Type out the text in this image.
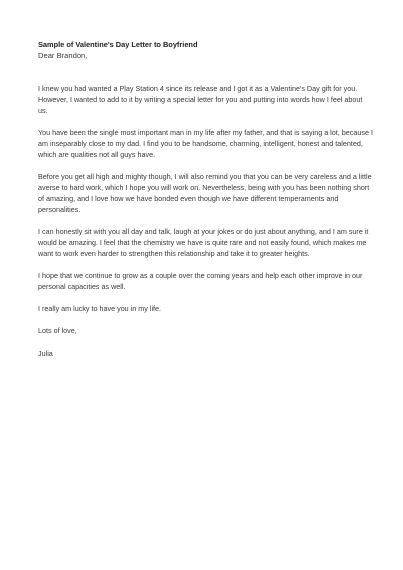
Sample of Valentine's Day Letter to Boyfriend

Dear Brandon,

I knew you had wanted a Play Station 4 since its release and I got it as a Valentine's Day gift for you. However, I wanted to add to it by writing a special letter for you and putting into words how I feel about us.

You have been the single most important man in my life after my father, and that is saying a lot, because I am inseparably close to my dad. I find you to be handsome, charming, intelligent, honest and talented, which are qualities not all guys have.

Before you get all high and mighty though, I will also remind you that you can be very careless and a little averse to hard work, which I hope you will work on. Nevertheless, being with you has been nothing short of amazing, and I love how we have bonded even though we have different temperaments and personalities.

I can honestly sit with you all day and talk, laugh at your jokes or do just about anything, and I am sure it would be amazing. I feel that the chemistry we have is quite rare and not easily found, which makes me want to work even harder to strengthen this relationship and take it to greater heights.

I hope that we continue to grow as a couple over the coming years and help each other improve in our personal capacities as well.

I really am lucky to have you in my life.

Lots of love,

Julia
